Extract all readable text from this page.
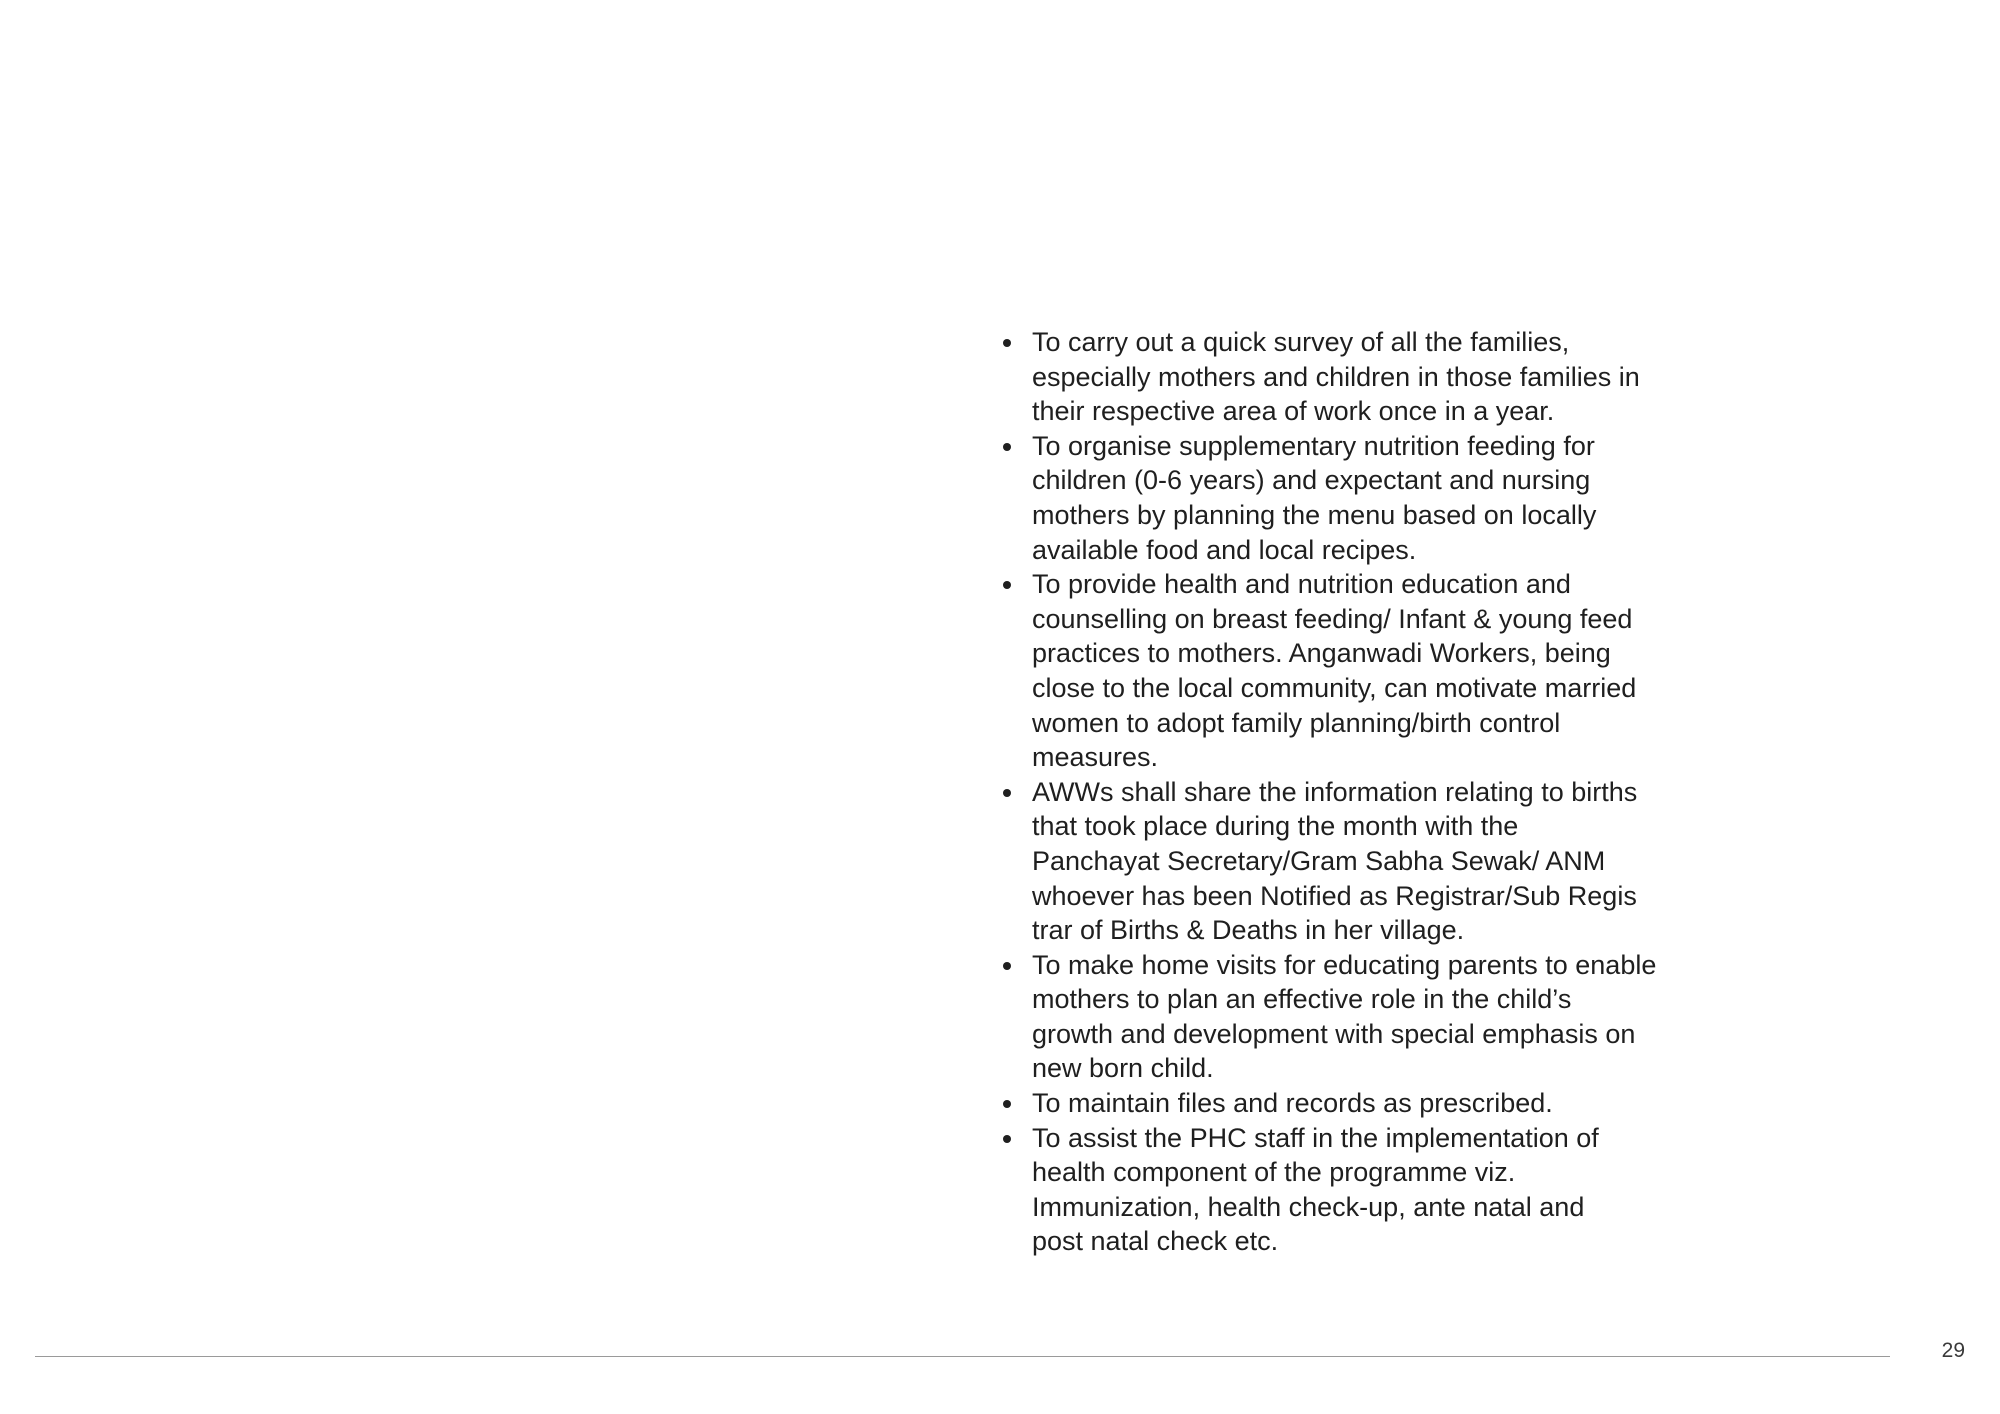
To carry out a quick survey of all the families,
especially mothers and children in those families in
their respective area of work once in a year.
To organise supplementary nutrition feeding for
children (0-6 years) and expectant and nursing
mothers by planning the menu based on locally
available food and local recipes.
To provide health and nutrition education and
counselling on breast feeding/ Infant & young feed
practices to mothers. Anganwadi Workers, being
close to the local community, can motivate married
women to adopt family planning/birth control
measures.
AWWs shall share the information relating to births
that took place during the month with the
Panchayat Secretary/Gram Sabha Sewak/ ANM
whoever has been Notified as Registrar/Sub Regis
trar of Births & Deaths in her village.
To make home visits for educating parents to enable
mothers to plan an effective role in the child’s
growth and development with special emphasis on
new born child.
To maintain files and records as prescribed.
To assist the PHC staff in the implementation of
health component of the programme viz.
Immunization, health check-up, ante natal and
post natal check etc.
29
